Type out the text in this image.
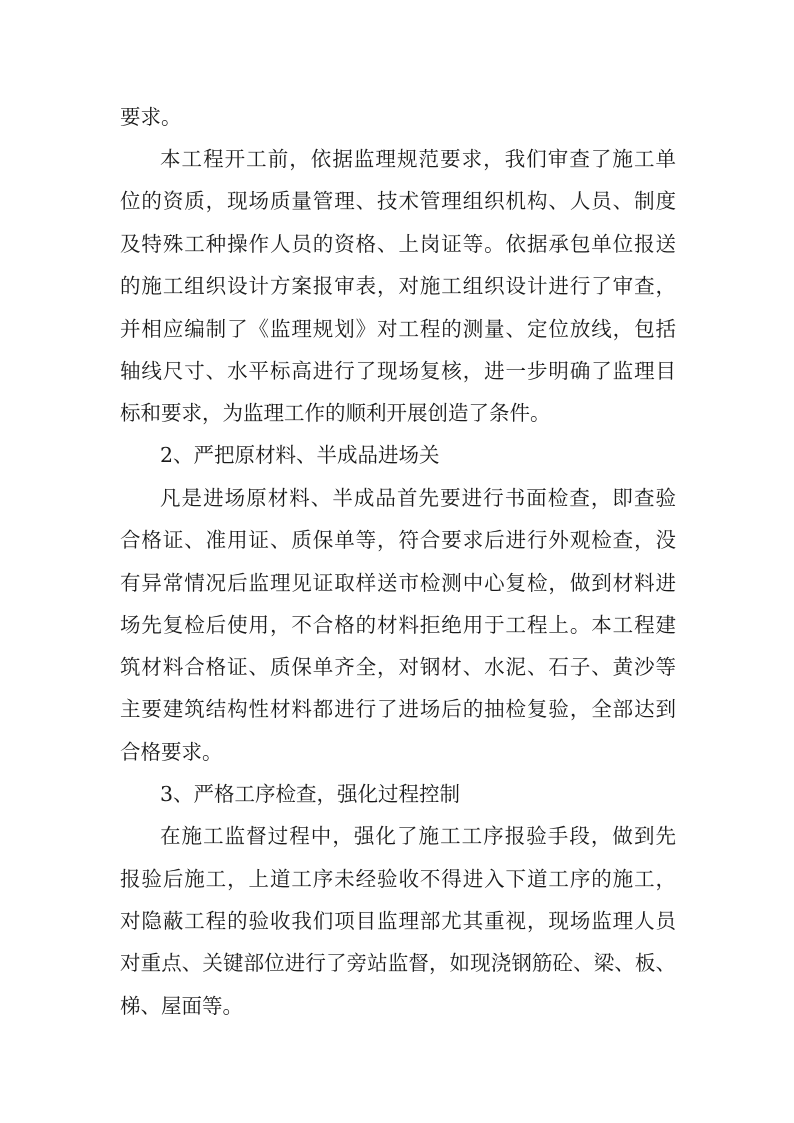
要求。
本工程开工前，依据监理规范要求，我们审查了施工单
位的资质，现场质量管理、技术管理组织机构、人员、制度
及特殊工种操作人员的资格、上岗证等。依据承包单位报送
的施工组织设计方案报审表，对施工组织设计进行了审查，
并相应编制了《监理规划》对工程的测量、定位放线，包括
轴线尺寸、水平标高进行了现场复核，进一步明确了监理目
标和要求，为监理工作的顺利开展创造了条件。
2、严把原材料、半成品进场关
凡是进场原材料、半成品首先要进行书面检查，即查验
合格证、准用证、质保单等，符合要求后进行外观检查，没
有异常情况后监理见证取样送市检测中心复检，做到材料进
场先复检后使用，不合格的材料拒绝用于工程上。本工程建
筑材料合格证、质保单齐全，对钢材、水泥、石子、黄沙等
主要建筑结构性材料都进行了进场后的抽检复验，全部达到
合格要求。
3、严格工序检查，强化过程控制
在施工监督过程中，强化了施工工序报验手段，做到先
报验后施工，上道工序未经验收不得进入下道工序的施工，
对隐蔽工程的验收我们项目监理部尤其重视，现场监理人员
对重点、关键部位进行了旁站监督，如现浇钢筋砼、梁、板、
梯、屋面等。
